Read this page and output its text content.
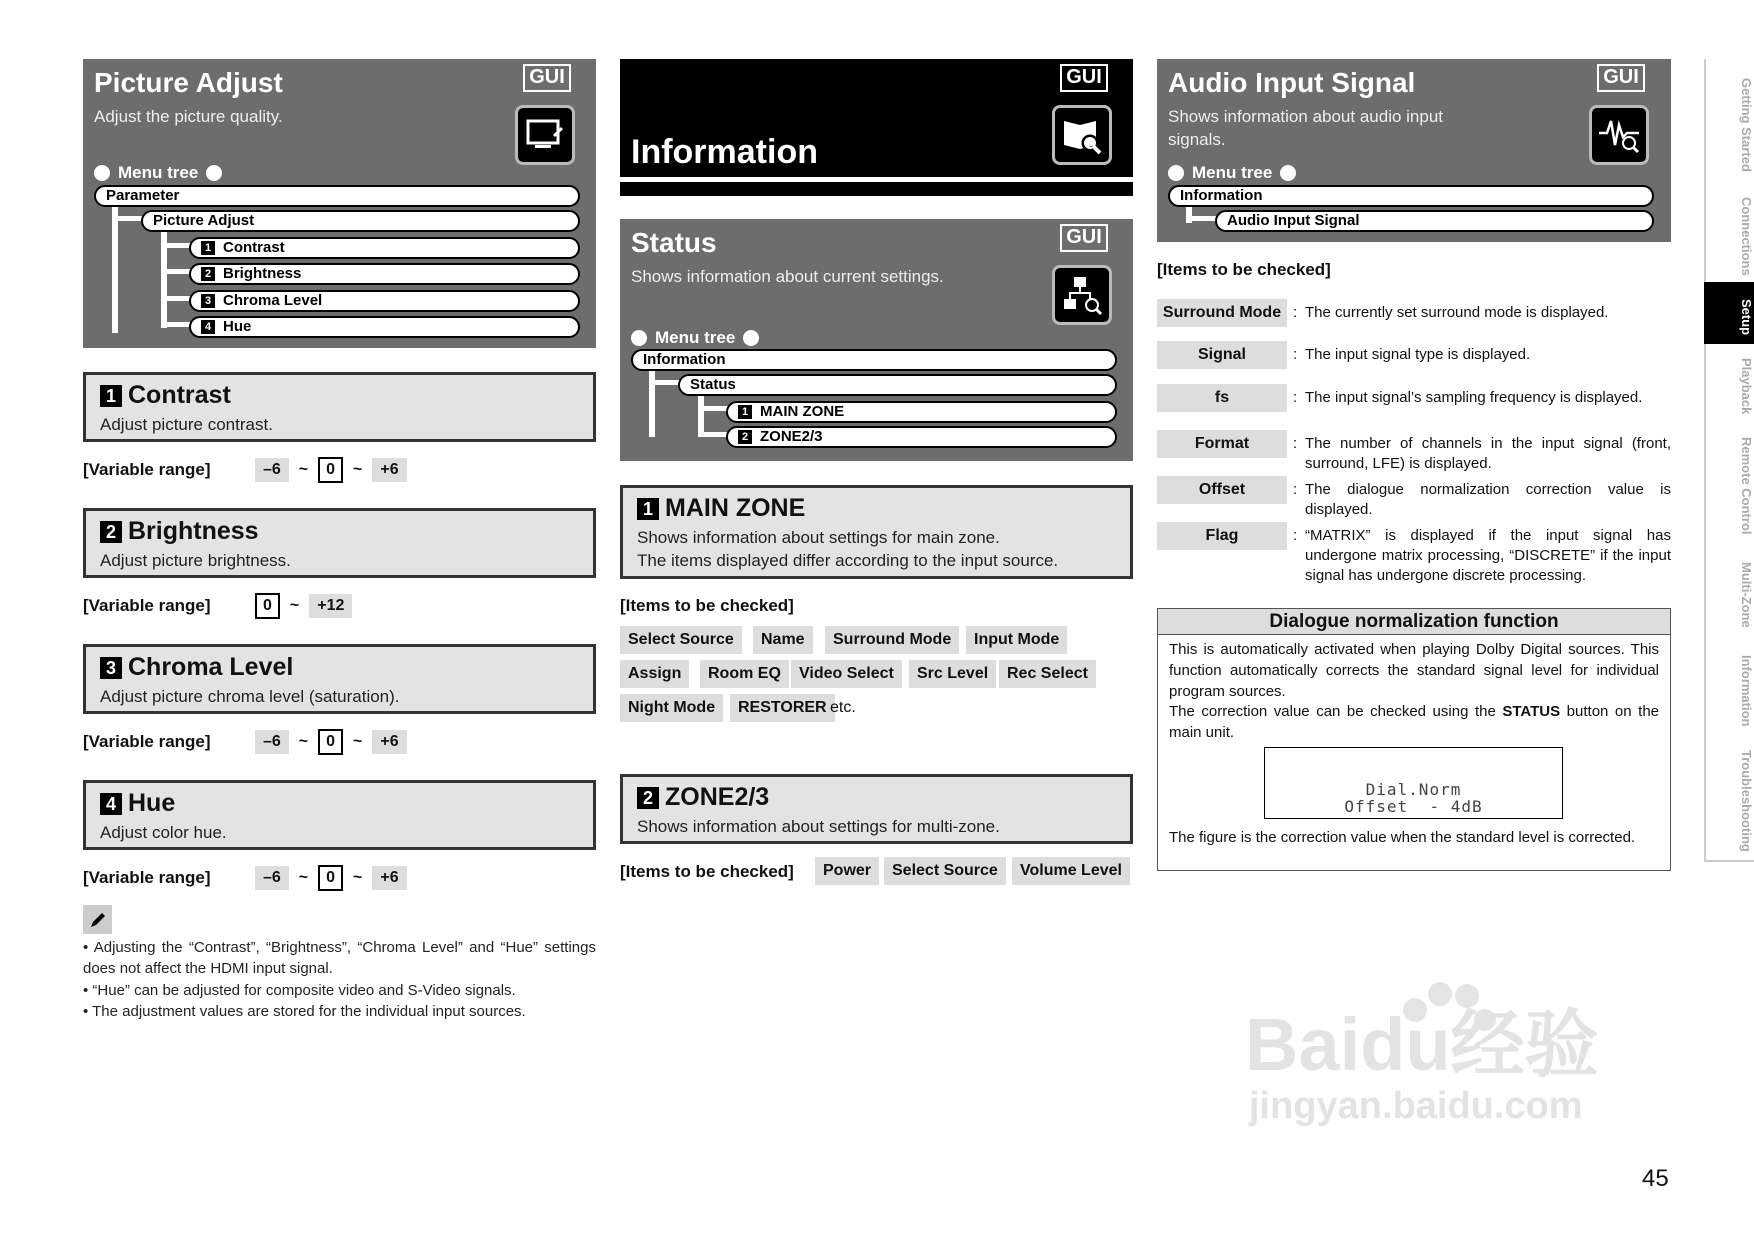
Picture Adjust	GUI
Adjust the picture quality.
Menu tree
Parameter
Picture Adjust
1 Contrast
2 Brightness
3 Chroma Level
4 Hue
1 Contrast
Adjust picture contrast.
[Variable range]	–6	~	0	~	+6
2 Brightness
Adjust picture brightness.
[Variable range]	0	~	+12
3 Chroma Level
Adjust picture chroma level (saturation).
[Variable range]	–6	~	0	~	+6
4 Hue
Adjust color hue.
[Variable range]	–6	~	0	~	+6
• Adjusting the “Contrast”, “Brightness”, “Chroma Level” and “Hue” settings does not affect the HDMI input signal.
• “Hue” can be adjusted for composite video and S-Video signals.
• The adjustment values are stored for the individual input sources.
Information
GUI
Status	GUI
Shows information about current settings.
Menu tree
Information
Status
1 MAIN ZONE
2 ZONE2/3
1 MAIN ZONE
Shows information about settings for main zone.
The items displayed differ according to the input source.
[Items to be checked]
Select Source	Name	Surround Mode	Input Mode
Assign	Room EQ	Video Select	Src Level	Rec Select
Night Mode	RESTORER etc.
2 ZONE2/3
Shows information about settings for multi-zone.
[Items to be checked]	Power	Select Source	Volume Level
Audio Input Signal	GUI
Shows information about audio input
signals.
Menu tree
Information
Audio Input Signal
[Items to be checked]
Surround Mode : The currently set surround mode is displayed.
Signal	: The input signal type is displayed.
fs	: The input signal’s sampling frequency is displayed.
Format	: The number of channels in the input signal (front, surround, LFE) is displayed.
Offset	: The dialogue normalization correction value is displayed.
Flag	: “MATRIX” is displayed if the input signal has undergone matrix processing, “DISCRETE” if the input signal has undergone discrete processing.
Dialogue normalization function
This is automatically activated when playing Dolby Digital sources. This function automatically corrects the standard signal level for individual program sources.
The correction value can be checked using the STATUS button on the main unit.
Dial.Norm
Offset  - 4dB
The figure is the correction value when the standard level is corrected.
Getting Started
Connections
Setup
Playback
Remote Control
Multi-Zone
Information
Troubleshooting
Baidu经验
jingyan.baidu.com
45
